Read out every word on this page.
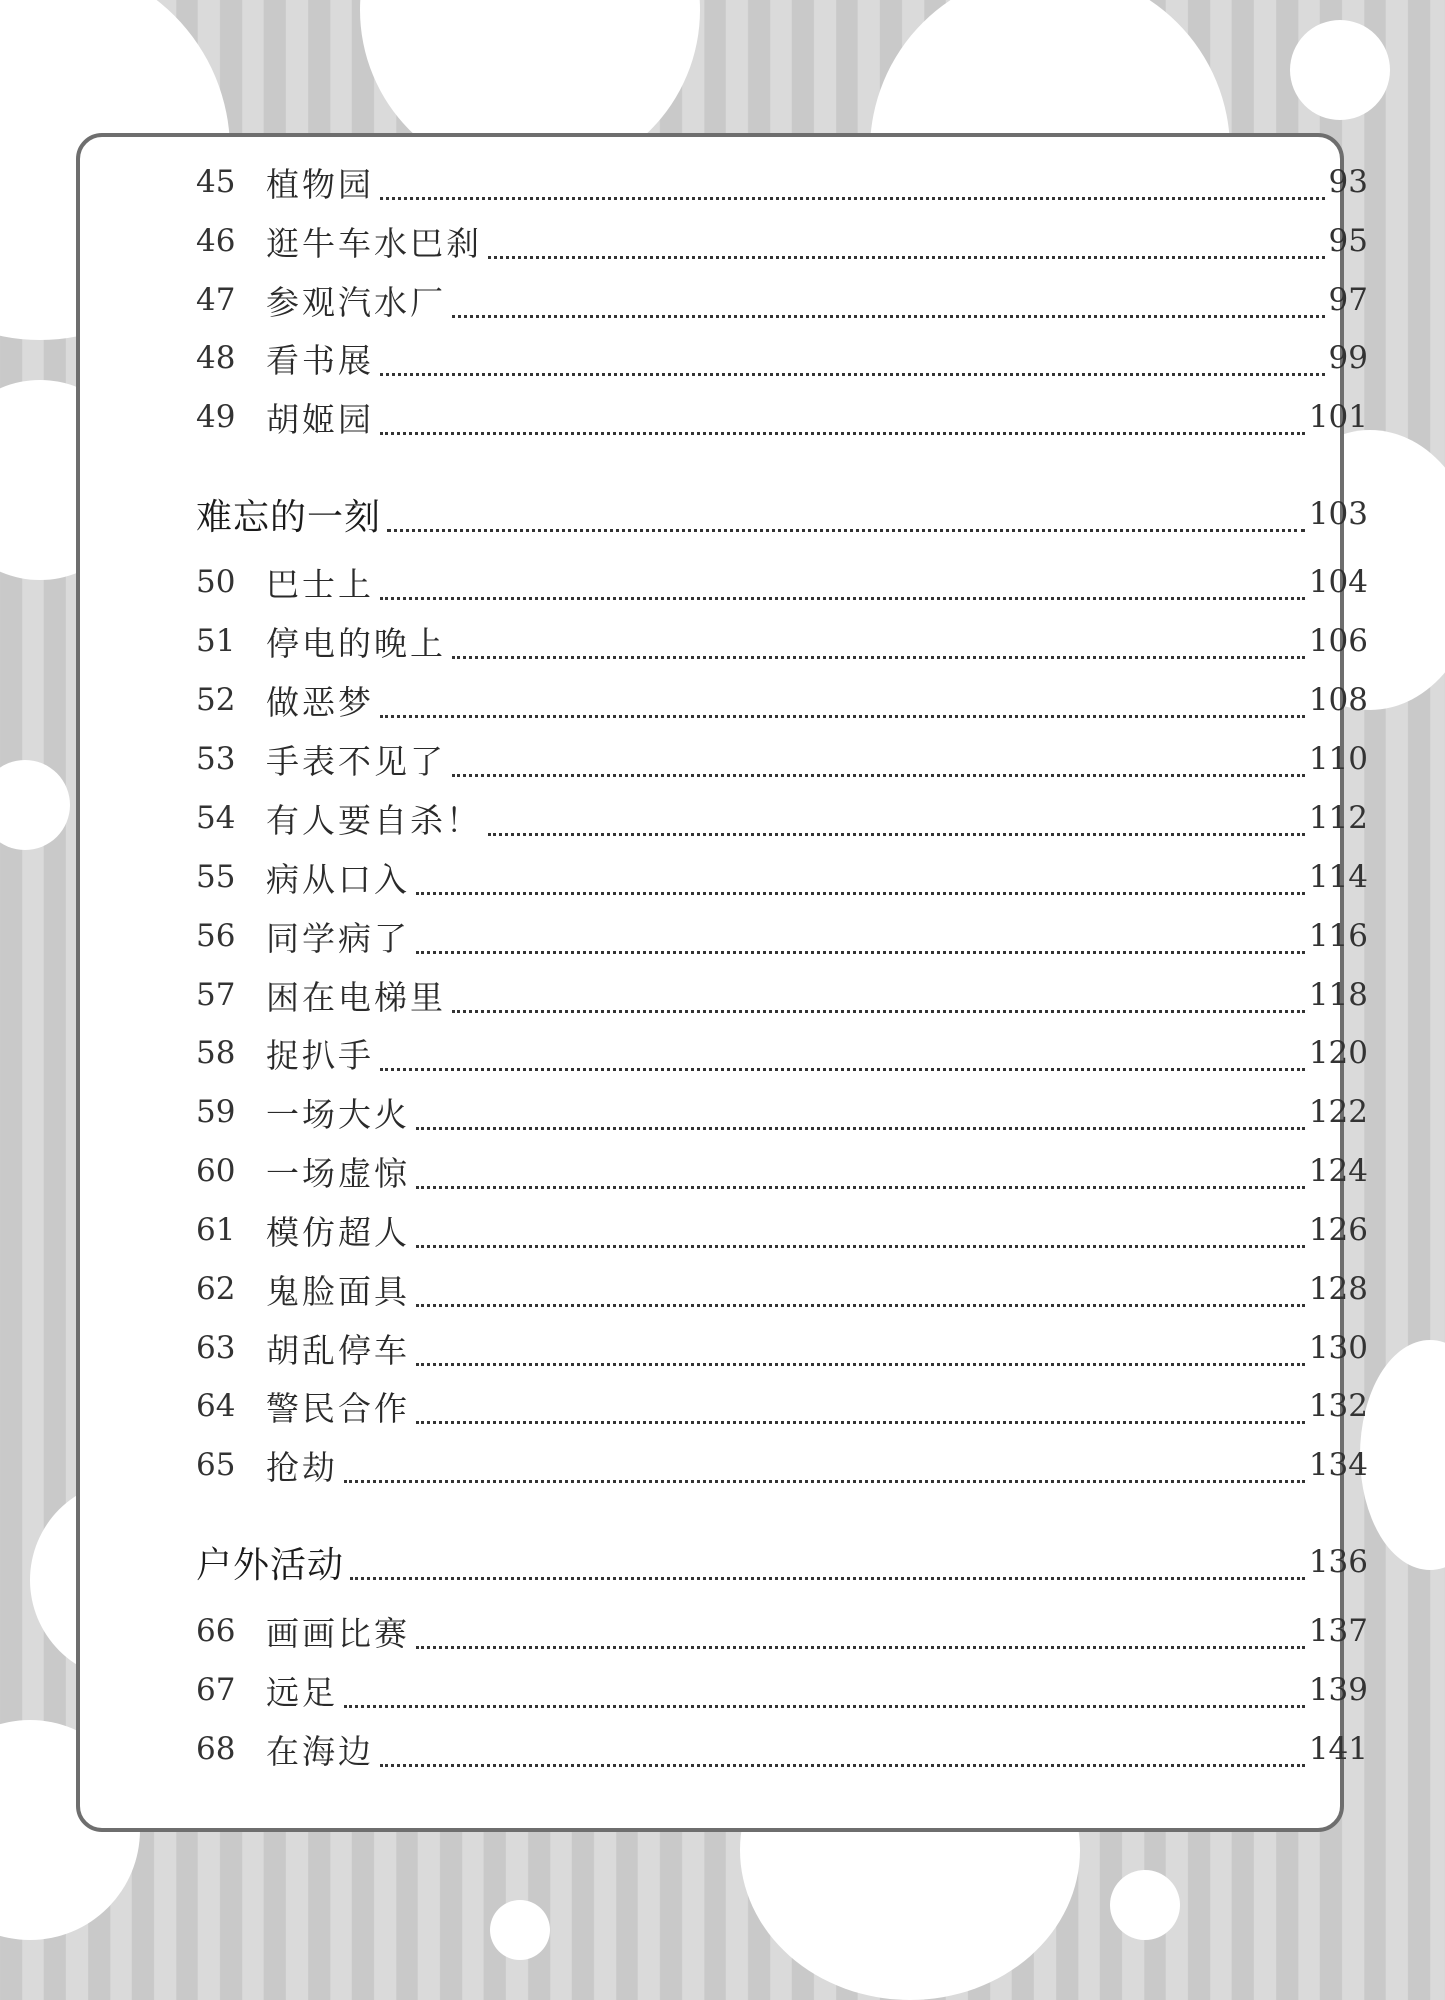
45 植物园	93
46 逛牛车水巴刹	95
47 参观汽水厂	97
48 看书展	99
49 胡姬园	101
难忘的一刻	103
50 巴士上	104
51 停电的晚上	106
52 做恶梦	108
53 手表不见了	110
54 有人要自杀！	112
55 病从口入	114
56 同学病了	116
57 困在电梯里	118
58 捉扒手	120
59 一场大火	122
60 一场虚惊	124
61 模仿超人	126
62 鬼脸面具	128
63 胡乱停车	130
64 警民合作	132
65 抢劫	134
户外活动	136
66 画画比赛	137
67 远足	139
68 在海边	141
